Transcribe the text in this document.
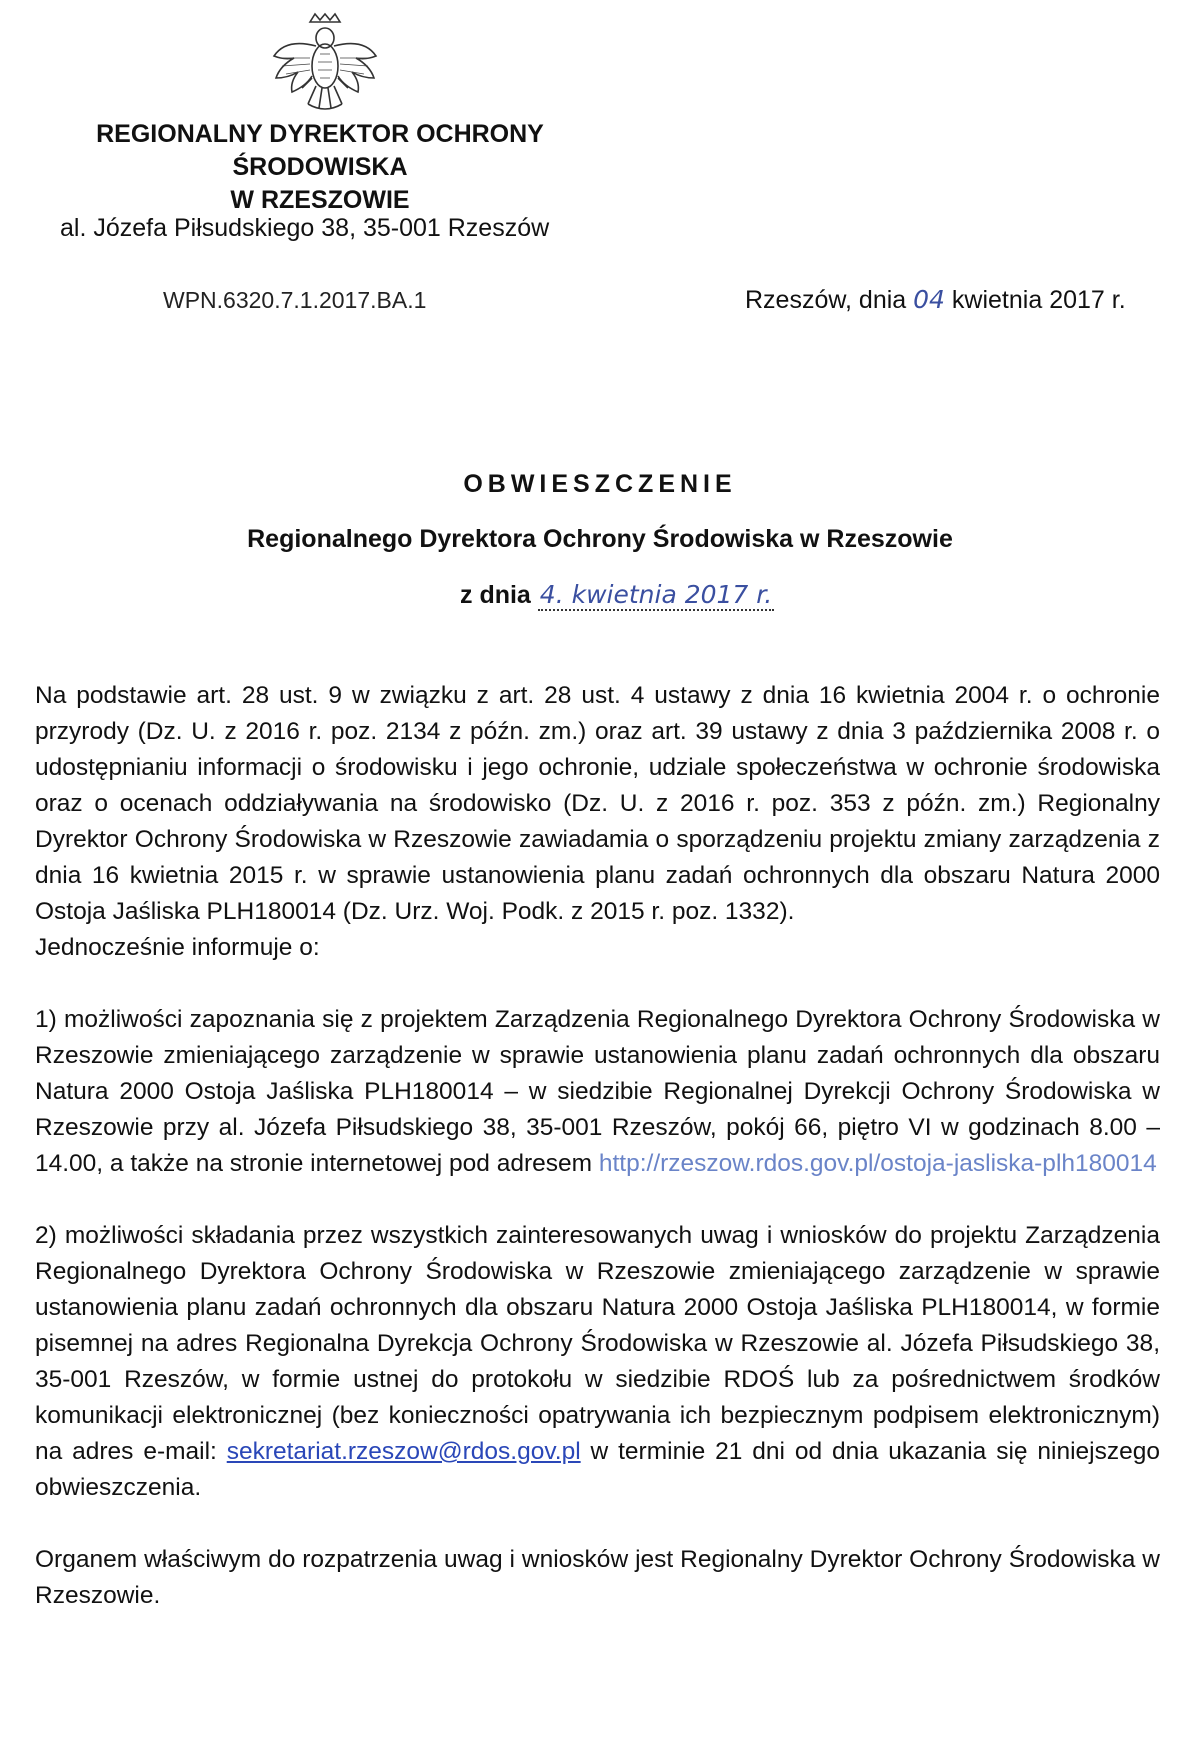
REGIONALNY DYREKTOR OCHRONY
ŚRODOWISKA
W RZESZOWIE
al. Józefa Piłsudskiego 38, 35-001 Rzeszów
WPN.6320.7.1.2017.BA.1	Rzeszów, dnia 04 kwietnia 2017 r.
OBWIESZCZENIE
Regionalnego Dyrektora Ochrony Środowiska w Rzeszowie
z dnia 4. kwietnia 2017 r.

Na podstawie art. 28 ust. 9 w związku z art. 28 ust. 4 ustawy z dnia 16 kwietnia 2004 r. o ochronie przyrody (Dz. U. z 2016 r. poz. 2134 z późn. zm.) oraz art. 39 ustawy z dnia 3 października 2008 r. o udostępnianiu informacji o środowisku i jego ochronie, udziale społeczeństwa w ochronie środowiska oraz o ocenach oddziaływania na środowisko (Dz. U. z 2016 r. poz. 353 z późn. zm.) Regionalny Dyrektor Ochrony Środowiska w Rzeszowie zawiadamia o sporządzeniu projektu zmiany zarządzenia z dnia 16 kwietnia 2015 r. w sprawie ustanowienia planu zadań ochronnych dla obszaru Natura 2000 Ostoja Jaśliska PLH180014 (Dz. Urz. Woj. Podk. z 2015 r. poz. 1332).

Jednocześnie informuje o:

1) możliwości zapoznania się z projektem Zarządzenia Regionalnego Dyrektora Ochrony Środowiska w Rzeszowie zmieniającego zarządzenie w sprawie ustanowienia planu zadań ochronnych dla obszaru Natura 2000 Ostoja Jaśliska PLH180014 – w siedzibie Regionalnej Dyrekcji Ochrony Środowiska w Rzeszowie przy al. Józefa Piłsudskiego 38, 35-001 Rzeszów, pokój 66, piętro VI w godzinach 8.00 – 14.00, a także na stronie internetowej pod adresem http://rzeszow.rdos.gov.pl/ostoja-jasliska-plh180014

2) możliwości składania przez wszystkich zainteresowanych uwag i wniosków do projektu Zarządzenia Regionalnego Dyrektora Ochrony Środowiska w Rzeszowie zmieniającego zarządzenie w sprawie ustanowienia planu zadań ochronnych dla obszaru Natura 2000 Ostoja Jaśliska PLH180014, w formie pisemnej na adres Regionalna Dyrekcja Ochrony Środowiska w Rzeszowie al. Józefa Piłsudskiego 38, 35-001 Rzeszów, w formie ustnej do protokołu w siedzibie RDOŚ lub za pośrednictwem środków komunikacji elektronicznej (bez konieczności opatrywania ich bezpiecznym podpisem elektronicznym) na adres e-mail: sekretariat.rzeszow@rdos.gov.pl w terminie 21 dni od dnia ukazania się niniejszego obwieszczenia.

Organem właściwym do rozpatrzenia uwag i wniosków jest Regionalny Dyrektor Ochrony Środowiska w Rzeszowie.
